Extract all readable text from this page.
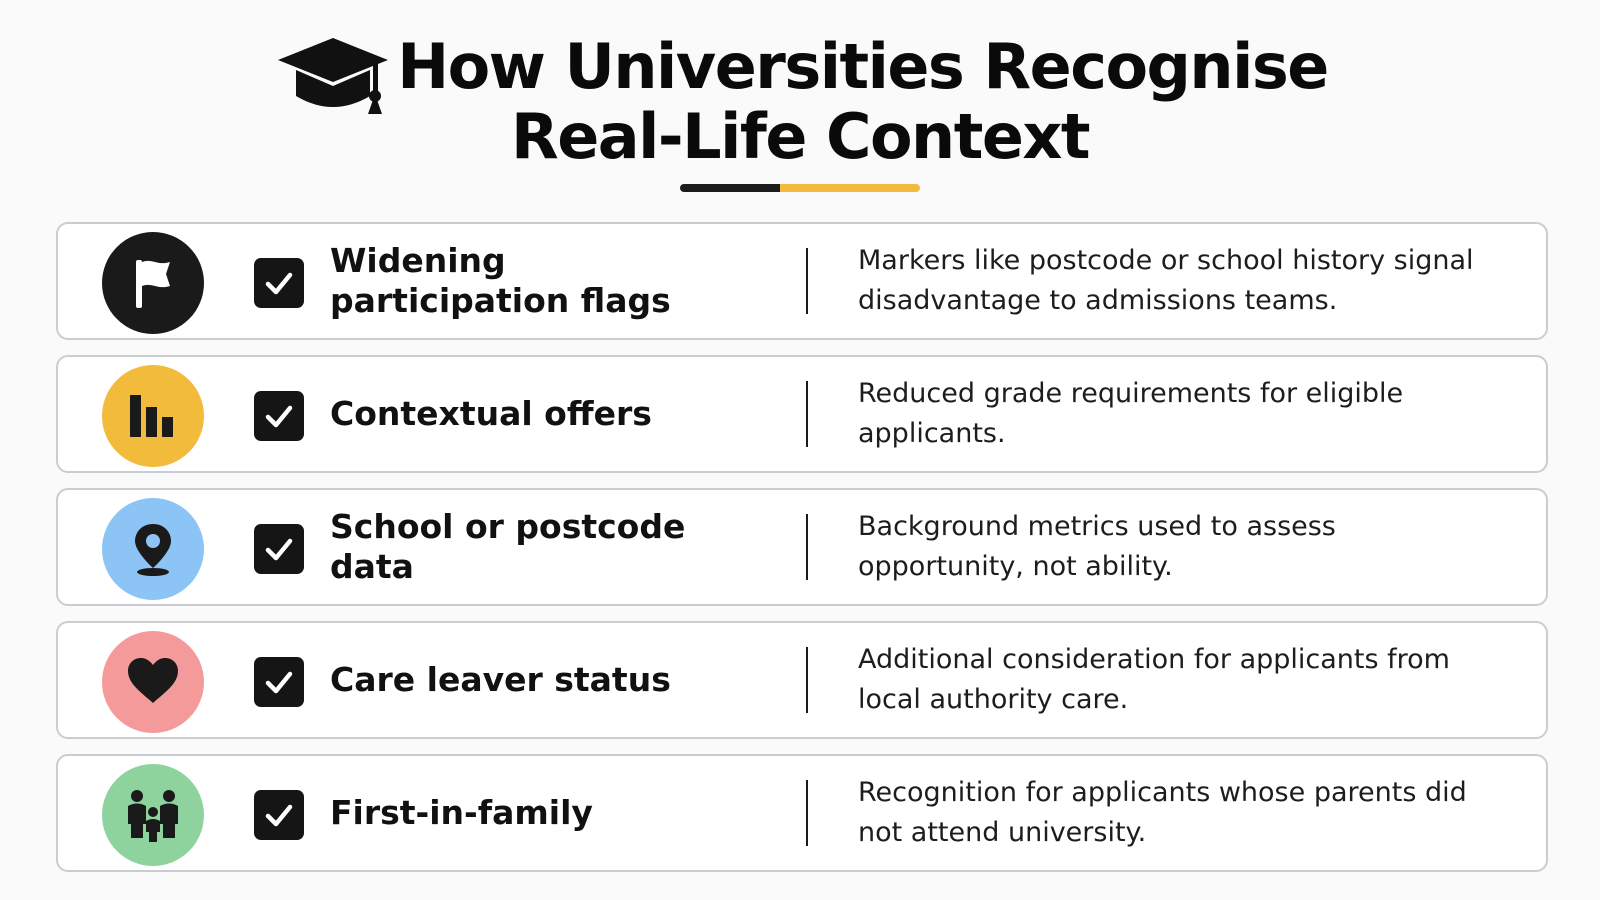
How Universities Recognise
Real-Life Context
Widening participation flags
Markers like postcode or school history signal disadvantage to admissions teams.
Contextual offers
Reduced grade requirements for eligible applicants.
School or postcode data
Background metrics used to assess opportunity, not ability.
Care leaver status
Additional consideration for applicants from local authority care.
First-in-family
Recognition for applicants whose parents did not attend university.
